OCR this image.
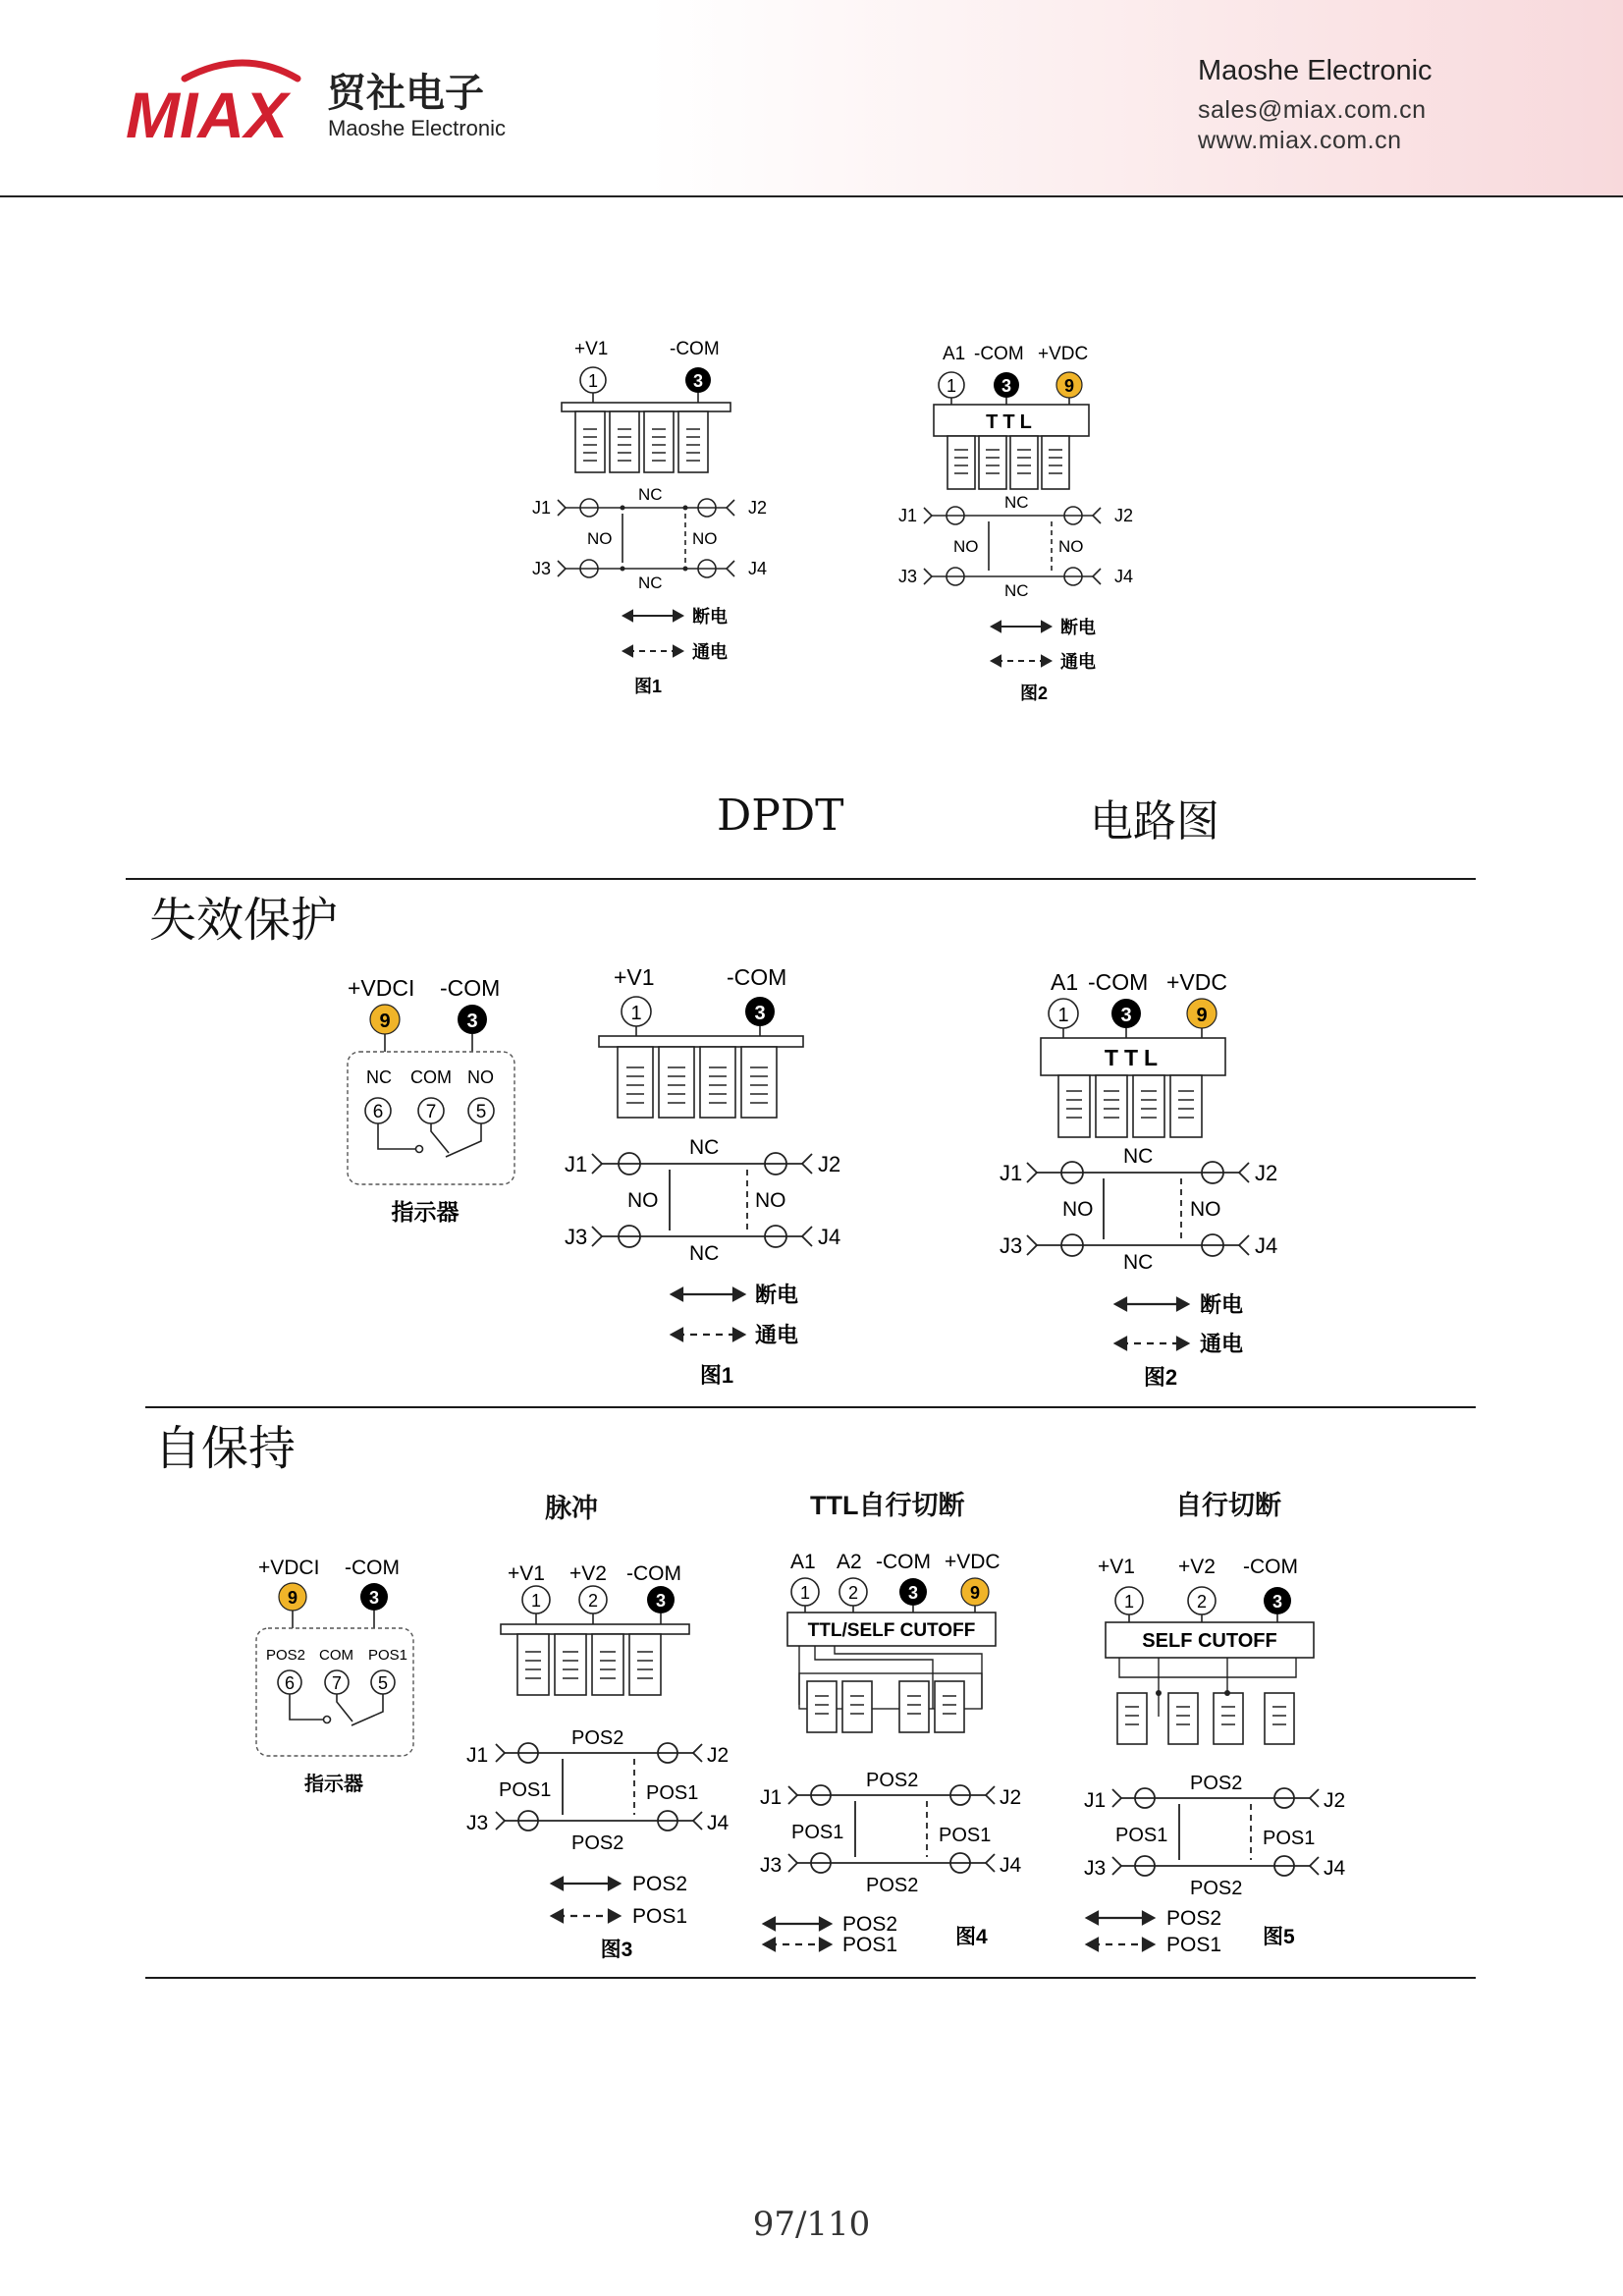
MIAX 贸社电子
Maoshe Electronic
Maoshe Electronic
sales@miax.com.cn
www.miax.com.cn
+V1	-COM
1	3
J1	J2
J3	J4
NC
NO	NO
NC
断电
通电
图1
A1 -COM +VDC
1	3	9
TTL
J1	J2
J3	J4
NC
NO	NO
NC
断电
通电
图2
DPDT	电路图
失效保护
+VDCI -COM
9	3
NC COM NO
6 7 5
指示器
+V1	-COM
1	3
J1	J2
J3	J4
NC
NO	NO
NC
断电
通电
图1
A1 -COM +VDC
1	3	9
TTL
J1	J2
J3	J4
NC
NO	NO
NC
断电
通电
图2
自保持
脉冲	TTL自行切断	自行切断
+VDCI -COM
9	3
POS2 COM POS1
6 7 5
指示器
+V1 +V2 -COM
1	2	3
J1	J2
J3	J4
POS2
POS1	POS1
POS2
POS2
POS1
图3
A1 A2 -COM +VDC
1 2	3	9
TTL/SELF CUTOFF
J1	J2
J3	J4
POS2
POS1	POS1
POS2
POS2
POS1	图4
+V1 +V2 -COM
1	2	3
SELF CUTOFF
J1	J2
J3	J4
POS2
POS1	POS1
POS2
POS2
POS1 图5
97/110
